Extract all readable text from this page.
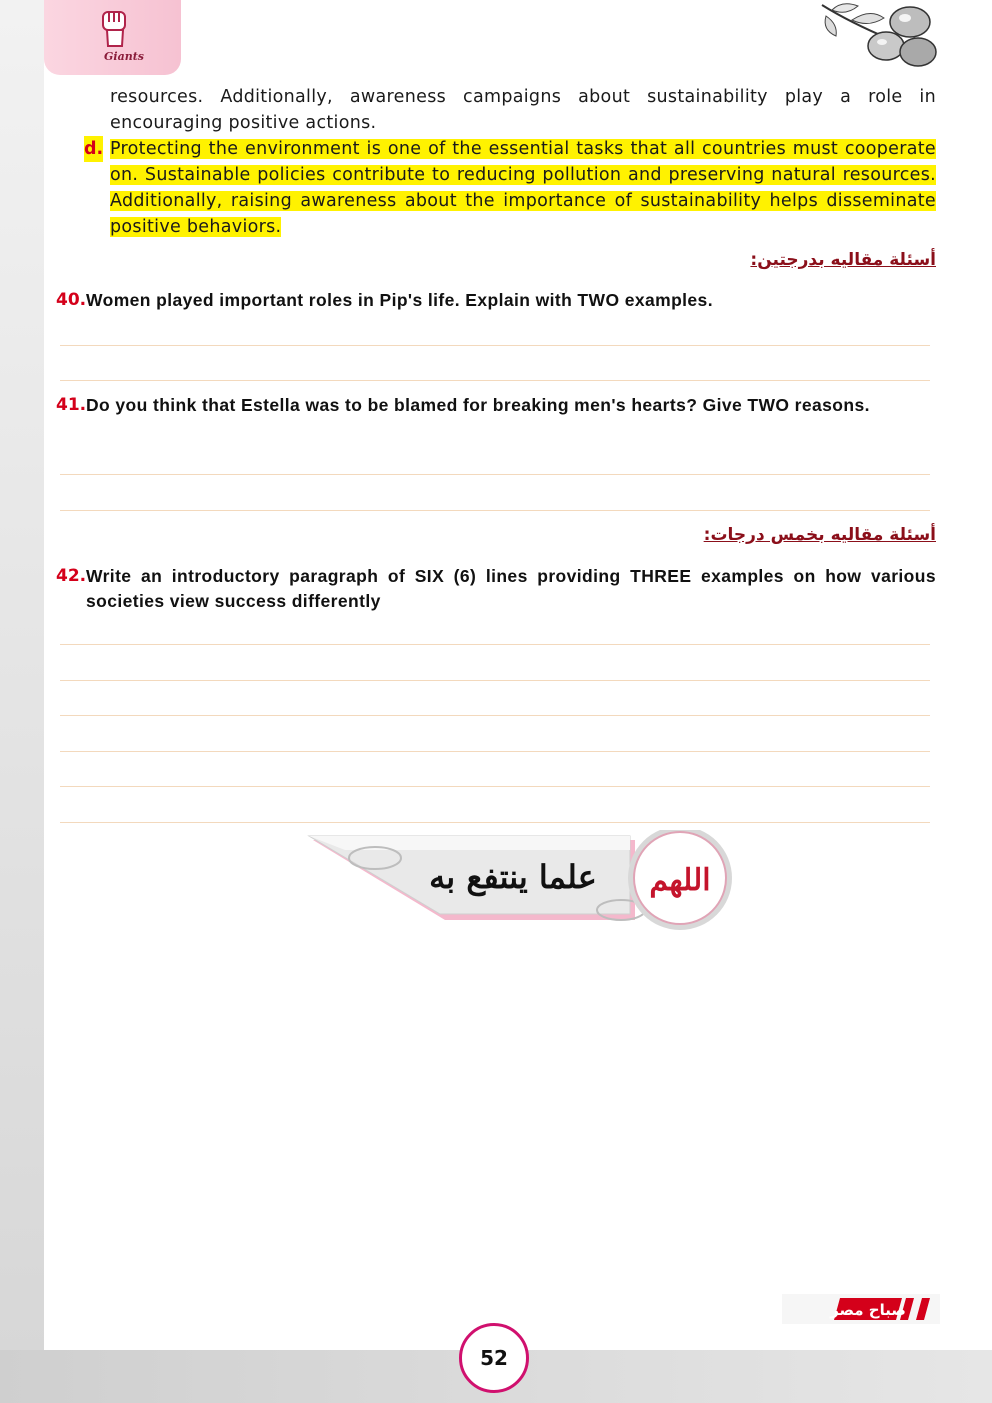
Giants
resources. Additionally, awareness campaigns about sustainability play a role in encouraging positive actions.
d. Protecting the environment is one of the essential tasks that all countries must cooperate on. Sustainable policies contribute to reducing pollution and preserving natural resources. Additionally, raising awareness about the importance of sustainability helps disseminate positive behaviors.
أسئلة مقاليه بدرجتين:
40. Women played important roles in Pip's life. Explain with TWO examples.
41. Do you think that Estella was to be blamed for breaking men's hearts? Give TWO reasons.
أسئلة مقاليه بخمس درجات:
42. Write an introductory paragraph of SIX (6) lines providing THREE examples on how various societies view success differently
اللهم
علما ينتفع به
صباح مصر
52
